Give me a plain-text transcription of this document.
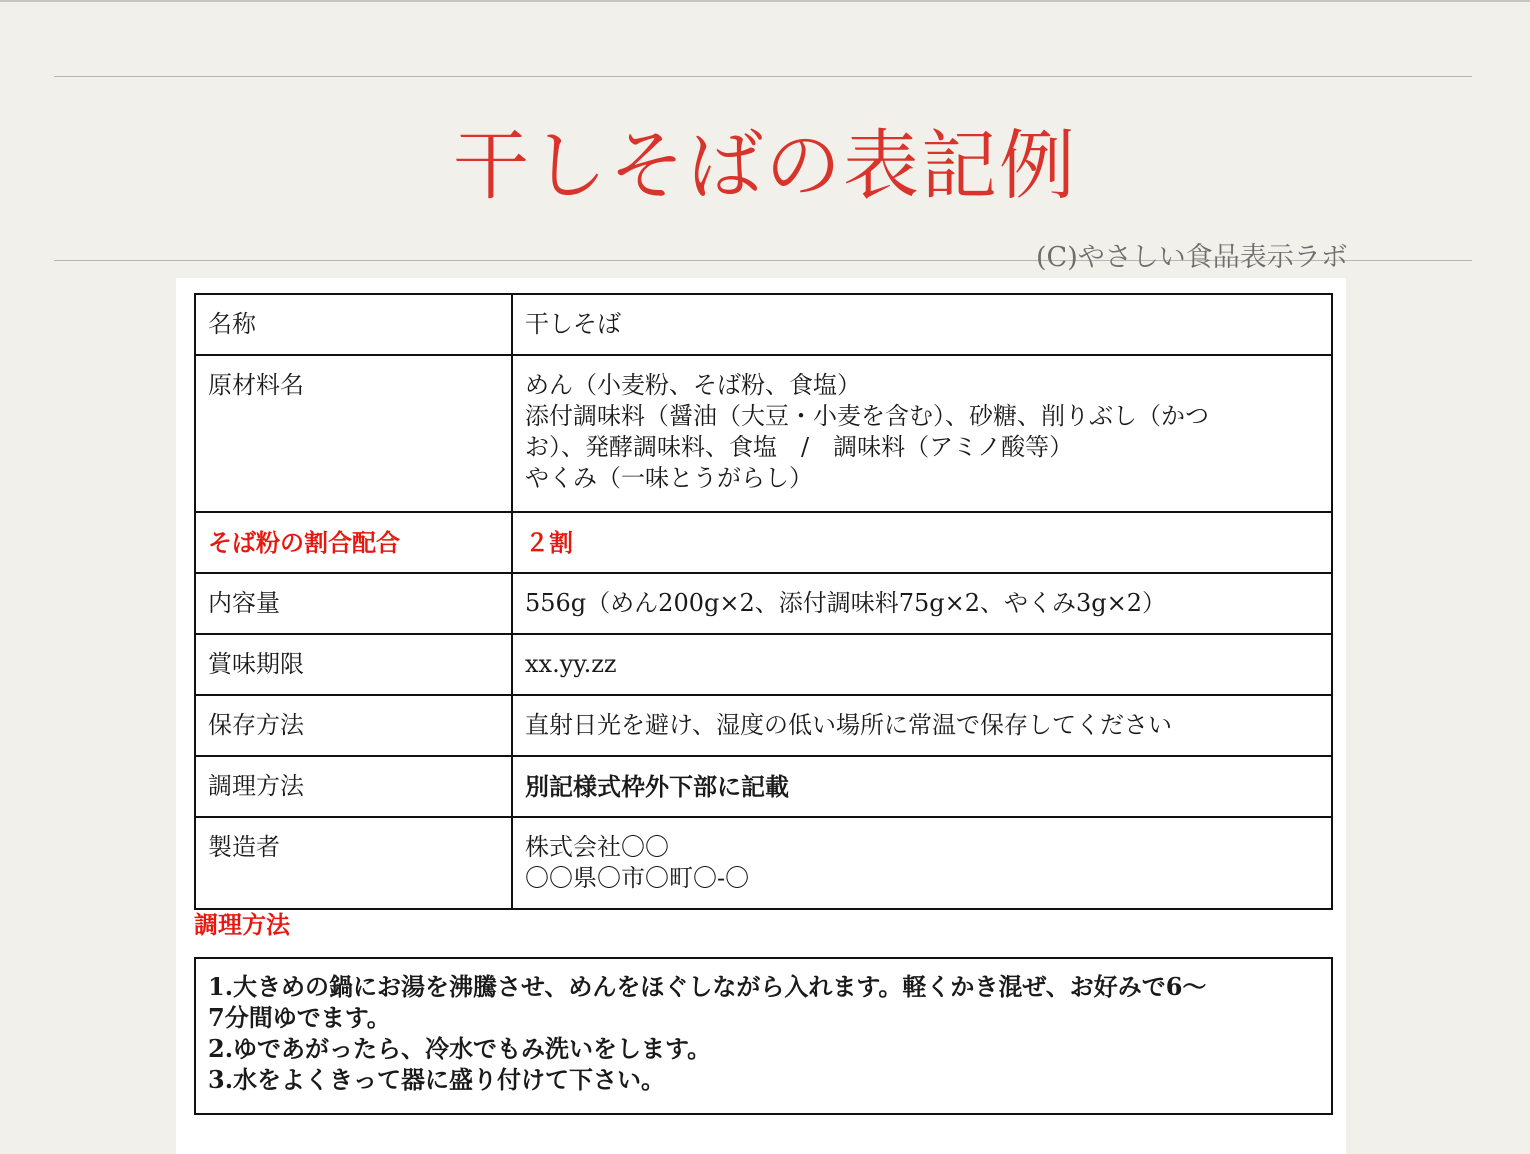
干しそばの表記例
(C)やさしい食品表示ラボ
名称	干しそば

原材料名	めん（小麦粉、そば粉、食塩）
添付調味料（醤油（大豆・小麦を含む）、砂糖、削りぶし（かつ
お）、発酵調味料、食塩　/　調味料（アミノ酸等）
やくみ（一味とうがらし）

そば粉の割合配合	２割

内容量	556g（めん200g×2、添付調味料75g×2、やくみ3g×2）

賞味期限	xx.yy.zz

保存方法	直射日光を避け、湿度の低い場所に常温で保存してください

調理方法	別記様式枠外下部に記載

製造者	株式会社〇〇
〇〇県〇市〇町〇-〇
調理方法
1.大きめの鍋にお湯を沸騰させ、めんをほぐしながら入れます。軽くかき混ぜ、お好みで6〜
7分間ゆでます。
2.ゆであがったら、冷水でもみ洗いをします。
3.水をよくきって器に盛り付けて下さい。
